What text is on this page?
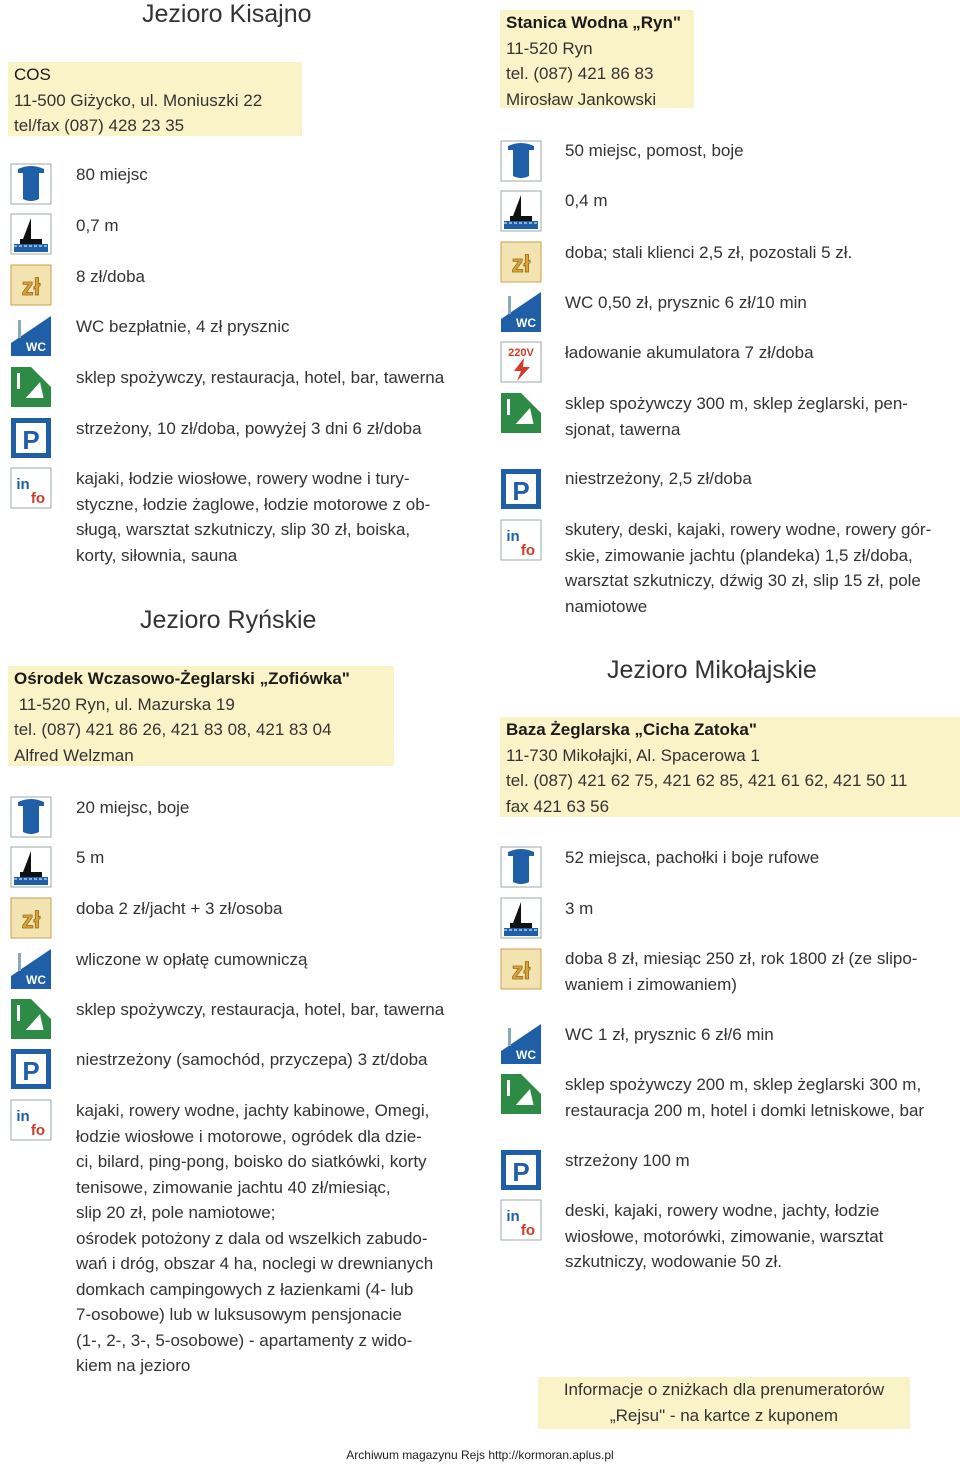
Jezioro Kisajno
COS
11-500 Giżycko, ul. Moniuszki 22
tel/fax (087) 428 23 35
80 miejsc
0,7 m
zł 8 zł/doba
WC
WC bezpłatnie, 4 zł prysznic
sklep spożywczy, restauracja, hotel, bar, tawerna
P strzeżony, 10 zł/doba, powyżej 3 dni 6 zł/doba
in
fo
kajaki, łodzie wiosłowe, rowery wodne i tury-
styczne, łodzie żaglowe, łodzie motorowe z ob-
sługą, warsztat szkutniczy, slip 30 zł, boiska,
korty, siłownia, sauna
Jezioro Ryńskie
Ośrodek Wczasowo-Żeglarski „Zofiówka"
11-520 Ryn, ul. Mazurska 19
tel. (087) 421 86 26, 421 83 08, 421 83 04
Alfred Welzman
20 miejsc, boje
5 m
zł doba 2 zł/jacht + 3 zł/osoba
WC
wliczone w opłatę cumowniczą
sklep spożywczy, restauracja, hotel, bar, tawerna
P niestrzeżony (samochód, przyczepa) 3 zt/doba
in
fo
kajaki, rowery wodne, jachty kabinowe, Omegi,
łodzie wiosłowe i motorowe, ogródek dla dzie-
ci, bilard, ping-pong, boisko do siatkówki, korty
tenisowe, zimowanie jachtu 40 zł/miesiąc,
slip 20 zł, pole namiotowe;
ośrodek potożony z dala od wszelkich zabudo-
wań i dróg, obszar 4 ha, noclegi w drewnianych
domkach campingowych z łazienkami (4- lub
7-osobowe) lub w luksusowym pensjonacie
(1-, 2-, 3-, 5-osobowe) - apartamenty z wido-
kiem na jezioro
Stanica Wodna „Ryn"
11-520 Ryn
tel. (087) 421 86 83
Mirosław Jankowski
50 miejsc, pomost, boje
0,4 m
zł doba; stali klienci 2,5 zł, pozostali 5 zł.
WC
WC 0,50 zł, prysznic 6 zł/10 min
220V ładowanie akumulatora 7 zł/doba
sklep spożywczy 300 m, sklep żeglarski, pen-
sjonat, tawerna
P niestrzeżony, 2,5 zł/doba
in
fo
skutery, deski, kajaki, rowery wodne, rowery gór-
skie, zimowanie jachtu (plandeka) 1,5 zł/doba,
warsztat szkutniczy, dźwig 30 zł, slip 15 zł, pole
namiotowe
Jezioro Mikołajskie
Baza Żeglarska „Cicha Zatoka"
11-730 Mikołajki, Al. Spacerowa 1
tel. (087) 421 62 75, 421 62 85, 421 61 62, 421 50 11
fax 421 63 56
52 miejsca, pachołki i boje rufowe
3 m
zł doba 8 zł, miesiąc 250 zł, rok 1800 zł (ze slipo-
waniem i zimowaniem)
WC
WC 1 zł, prysznic 6 zł/6 min
sklep spożywczy 200 m, sklep żeglarski 300 m,
restauracja 200 m, hotel i domki letniskowe, bar
P strzeżony 100 m
in
fo
deski, kajaki, rowery wodne, jachty, łodzie
wiosłowe, motorówki, zimowanie, warsztat
szkutniczy, wodowanie 50 zł.
Informacje o zniżkach dla prenumeratorów
„Rejsu" - na kartce z kuponem
Archiwum magazynu Rejs http://kormoran.aplus.pl
